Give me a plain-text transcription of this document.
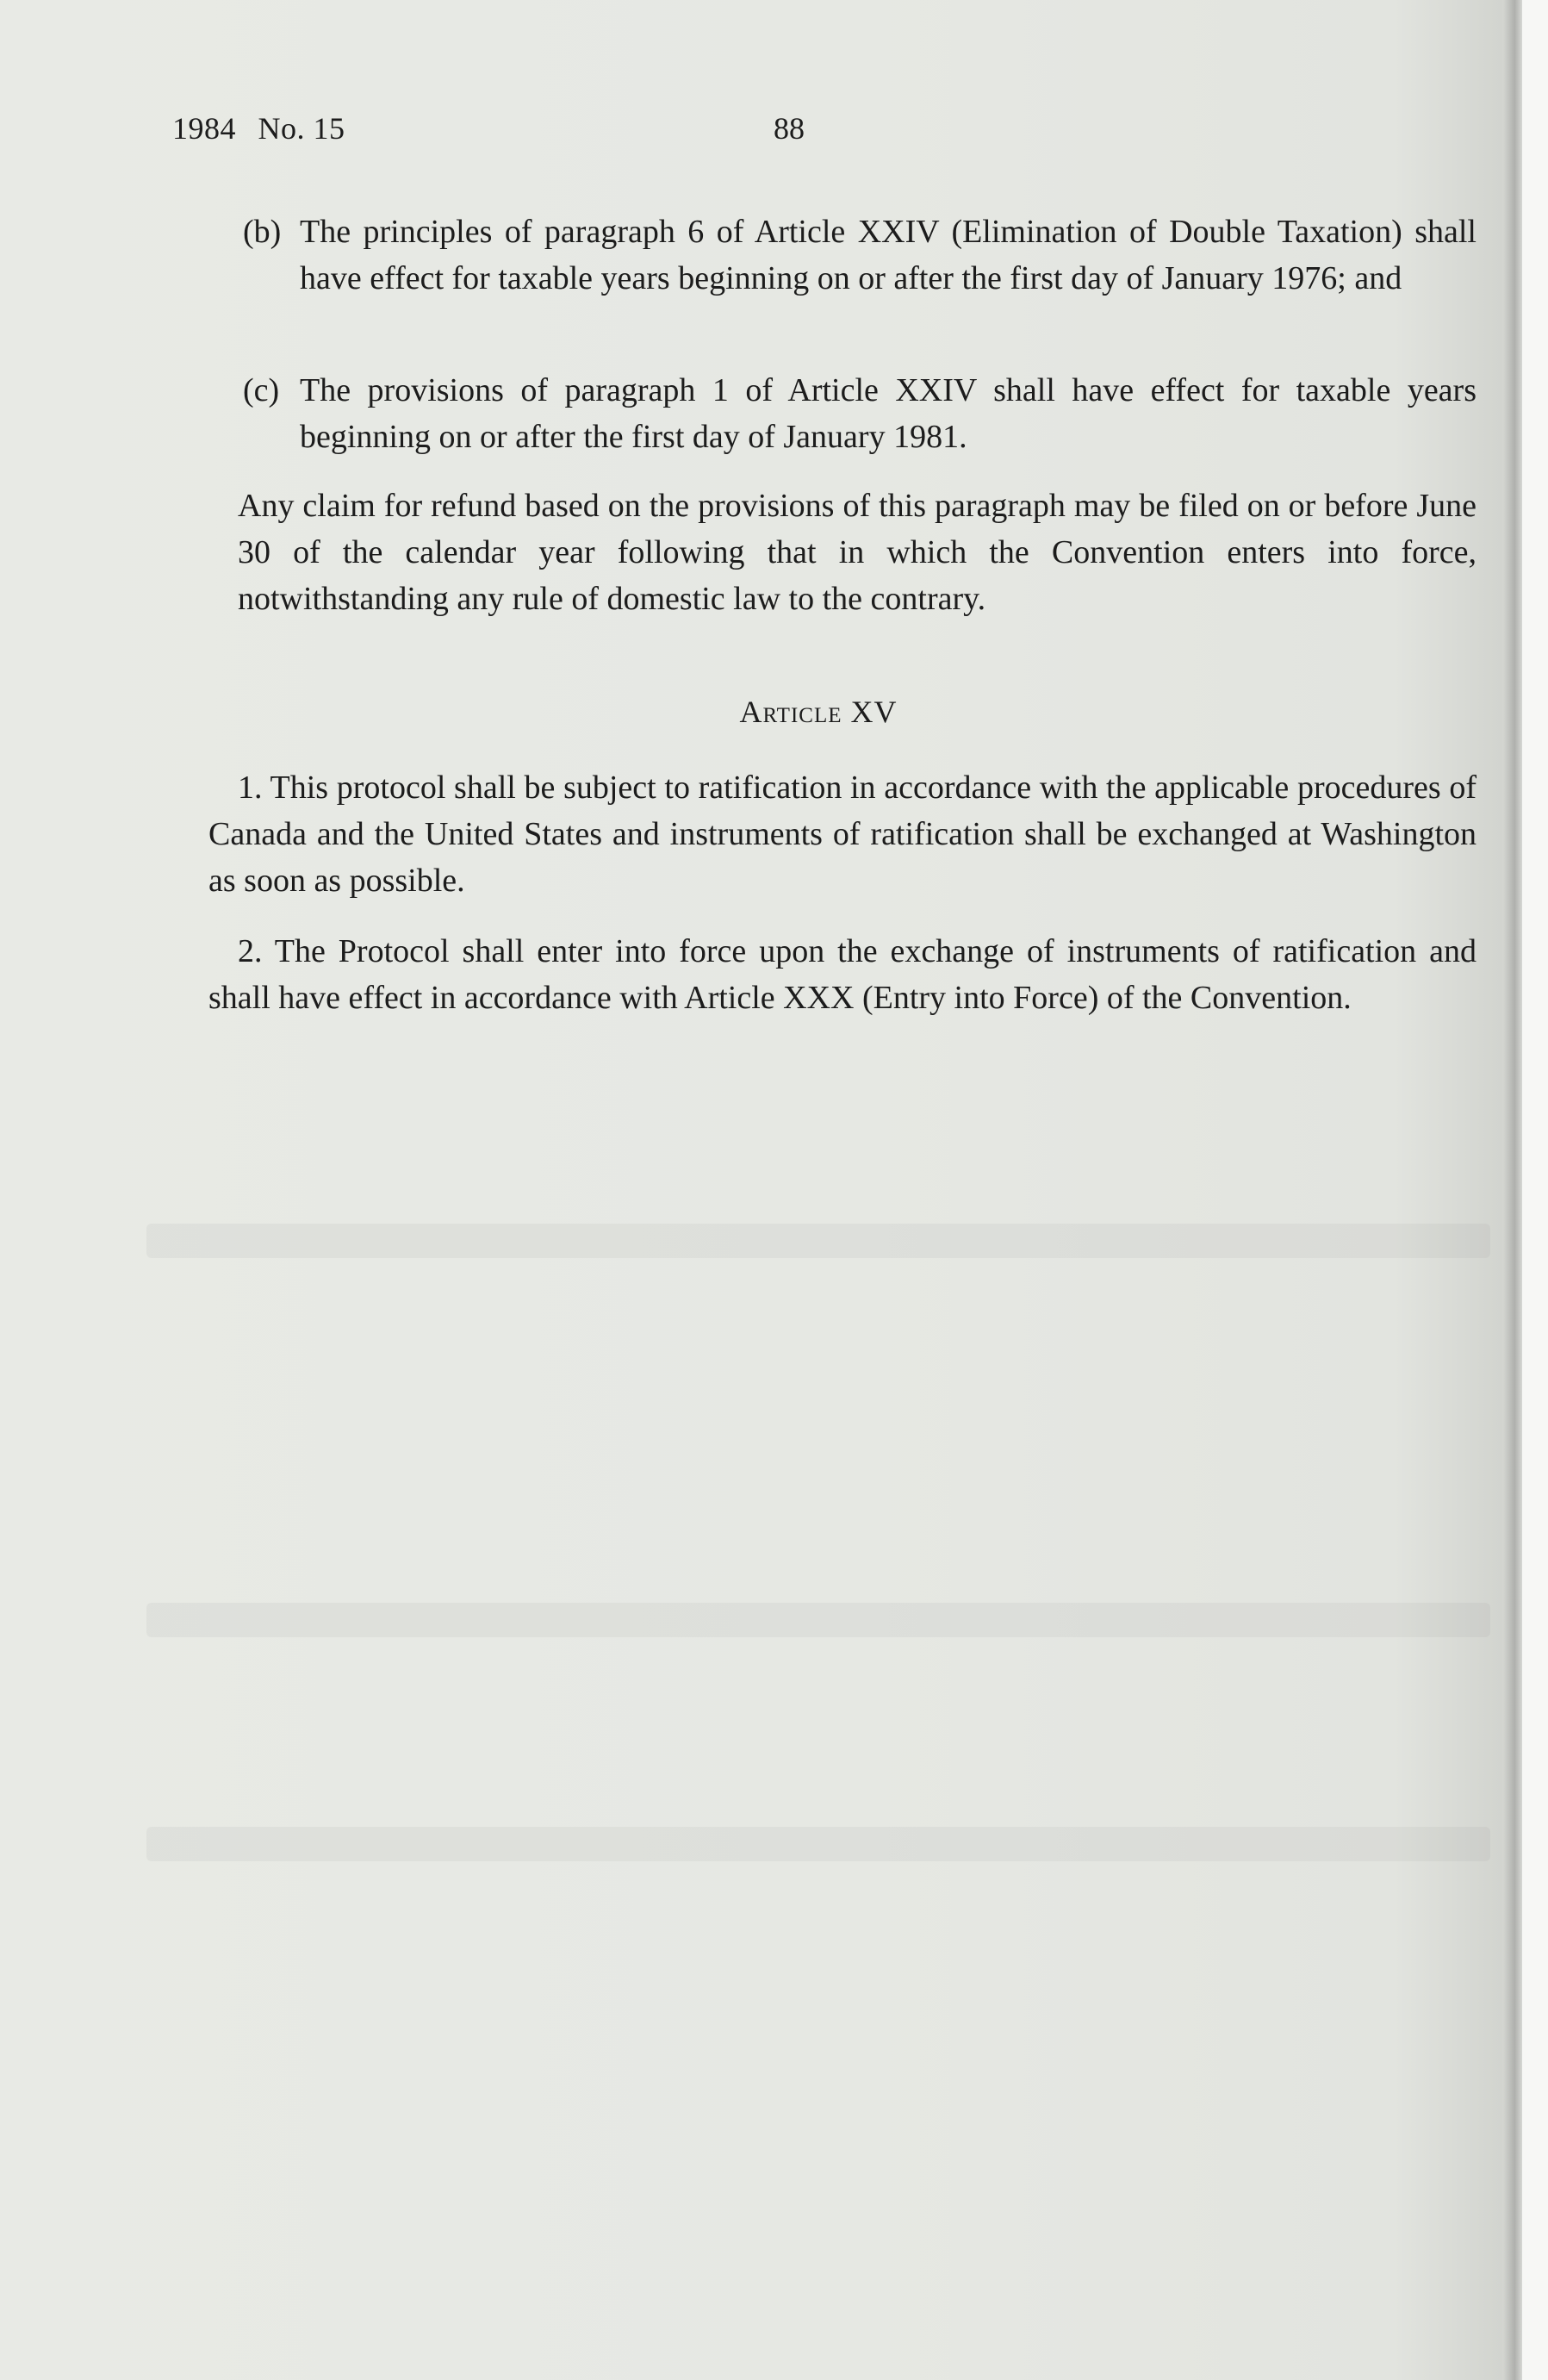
1984 No. 15	88
(b) The principles of paragraph 6 of Article XXIV (Elimination of Double Taxation) shall have effect for taxable years beginning on or after the first day of January 1976; and
(c) The provisions of paragraph 1 of Article XXIV shall have effect for taxable years beginning on or after the first day of January 1981.

Any claim for refund based on the provisions of this paragraph may be filed on or before June 30 of the calendar year following that in which the Convention enters into force, notwithstanding any rule of domestic law to the contrary.

Article XV

1. This protocol shall be subject to ratification in accordance with the applicable procedures of Canada and the United States and instruments of ratification shall be exchanged at Washington as soon as possible.

2. The Protocol shall enter into force upon the exchange of instruments of ratification and shall have effect in accordance with Article XXX (Entry into Force) of the Convention.
